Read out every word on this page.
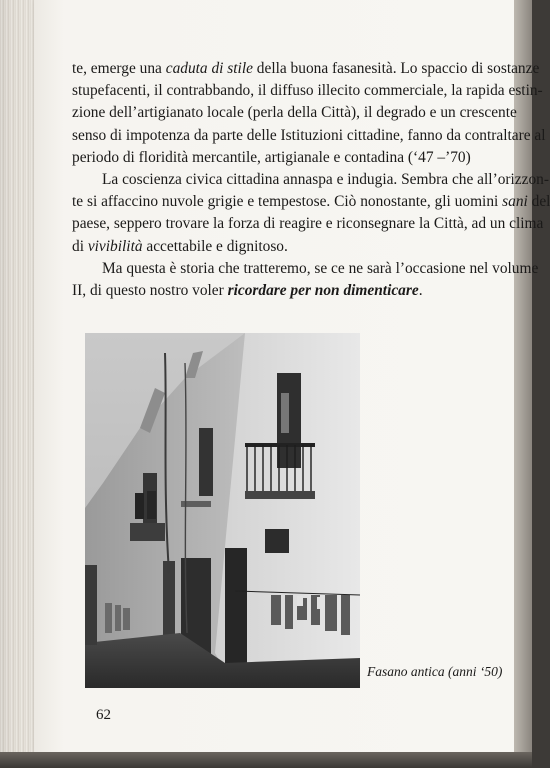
te, emerge una caduta di stile della buona fasanesità. Lo spaccio di sostanze
stupefacenti, il contrabbando, il diffuso illecito commerciale, la rapida estin-
zione dell’artigianato locale (perla della Città), il degrado e un crescente
senso di impotenza da parte delle Istituzioni cittadine, fanno da contraltare al
periodo di floridità mercantile, artigianale e contadina (‘47 –’70)
La coscienza civica cittadina annaspa e indugia. Sembra che all’orizzon-
te si affaccino nuvole grigie e tempestose. Ciò nonostante, gli uomini sani del
paese, seppero trovare la forza di reagire e riconsegnare la Città, ad un clima
di vivibilità accettabile e dignitoso.
Ma questa è storia che tratteremo, se ce ne sarà l’occasione nel volume
II, di questo nostro voler ricordare per non dimenticare.
Fasano antica (anni ‘50)
62
